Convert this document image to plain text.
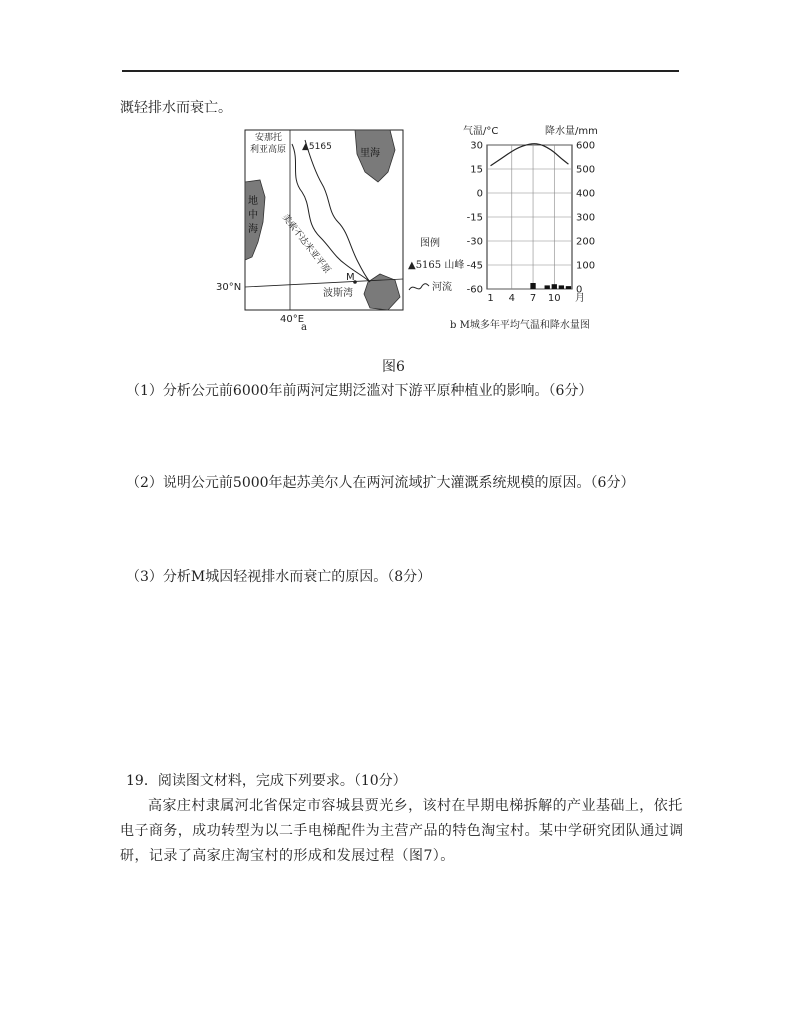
溉轻排水而衰亡。
▲5165
安那托
利亚高原	里海
地
中
海 美索不达米亚平原
30°N
40°E
M
波斯湾
a
图例
▲5165 山峰
河流
气温/°C	降水量/mm
30	600
15	500
0	400
-15	300
-30	200
-45	100
-60	0
1 4 7 10 月
b M城多年平均气温和降水量图
图6
（1）分析公元前6000年前两河定期泛滥对下游平原种植业的影响。（6分）
（2）说明公元前5000年起苏美尔人在两河流域扩大灌溉系统规模的原因。（6分）
（3）分析M城因轻视排水而衰亡的原因。（8分）
19．阅读图文材料，完成下列要求。（10分）
高家庄村隶属河北省保定市容城县贾光乡，该村在早期电梯拆解的产业基础上，依托
电子商务，成功转型为以二手电梯配件为主营产品的特色淘宝村。某中学研究团队通过调
研，记录了高家庄淘宝村的形成和发展过程（图7）。
